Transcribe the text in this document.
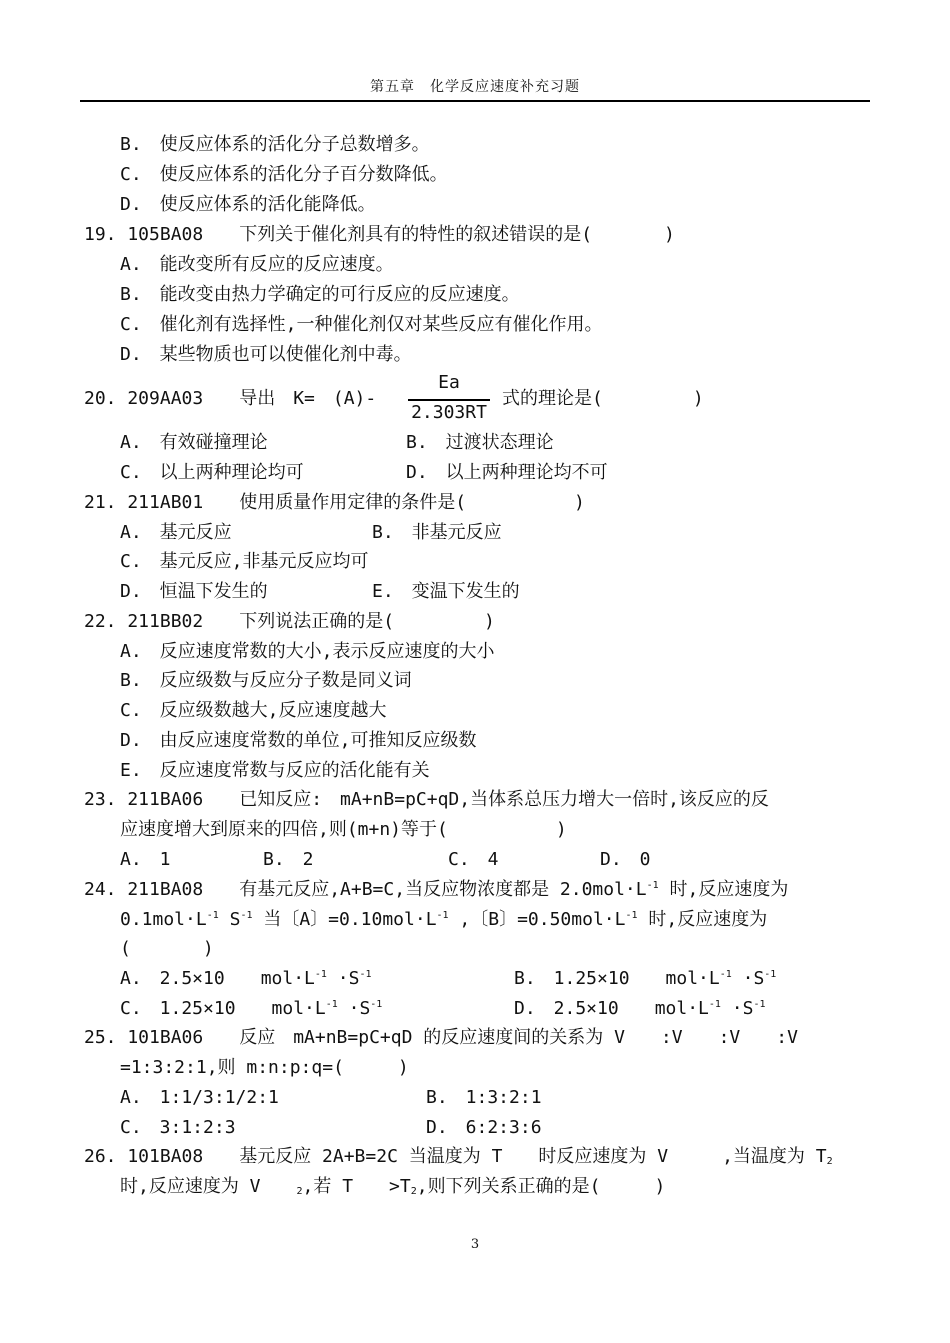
第五章　化学反应速度补充习题
B.　使反应体系的活化分子总数增多。
C.　使反应体系的活化分子百分数降低。
D.　使反应体系的活化能降低。
19. 105BA08　　下列关于催化剂具有的特性的叙述错误的是(　　　　)
A.　能改变所有反应的反应速度。
B.　能改变由热力学确定的可行反应的反应速度。
C.　催化剂有选择性,一种催化剂仅对某些反应有催化作用。
D.　某些物质也可以使催化剂中毒。
20. 209AA03　　导出　K=　(A)-

Ea

2.303RT

式的理论是(　　　　　)
A.　有效碰撞理论	B.　过渡状态理论
C.　以上两种理论均可	D.　以上两种理论均不可
21. 211AB01　　使用质量作用定律的条件是(　　　　　　)
A.　基元反应	B.　非基元反应
C.　基元反应,非基元反应均可
D.　恒温下发生的	E.　变温下发生的
22. 211BB02　　下列说法正确的是(　　　　　)
A.　反应速度常数的大小,表示反应速度的大小
B.　反应级数与反应分子数是同义词
C.　反应级数越大,反应速度越大
D.　由反应速度常数的单位,可推知反应级数
E.　反应速度常数与反应的活化能有关
23. 211BA06　　已知反应:　mA+nB=pC+qD,当体系总压力增大一倍时,该反应的反
应速度增大到原来的四倍,则(m+n)等于(　　　　　　)
A.　1	B.　2	C.　4	D.　0
24. 211BA08　　有基元反应,A+B=C,当反应物浓度都是 $2.0mol\cdot L^{-1}$ 时,反应速度为
$0.1mol\cdot L^{-1}$ $S^{-1}$ 当〔A〕$=0.10mol\cdot L^{-1}$ ,〔B〕$=0.50mol\cdot L^{-1}$ 时,反应速度为
(　　　　)
A.　2.5×10　　$mol\cdot L^{-1} \cdot S^{-1}$	B.　1.25×10　　$mol\cdot L^{-1} \cdot S^{-1}$
C.　1.25×10　　$mol\cdot L^{-1} \cdot S^{-1}$	D.　2.5×10　　$mol\cdot L^{-1} \cdot S^{-1}$
25. 101BA06　　反应　mA+nB=pC+qD 的反应速度间的关系为 V　　:V　　:V　　:V
=1:3:2:1,则 m:n:p:q=(　　　)
A.　1:1/3:1/2:1	B.　1:3:2:1
C.　3:1:2:3	D.　6:2:3:6
26. 101BA08　　基元反应 2A+B=2C 当温度为 T　　时反应速度为 V　　　,当温度为 $T_2$
时,反应速度为 V　　$_2$,若 T　　$>T_2$,则下列关系正确的是(　　　)
3
